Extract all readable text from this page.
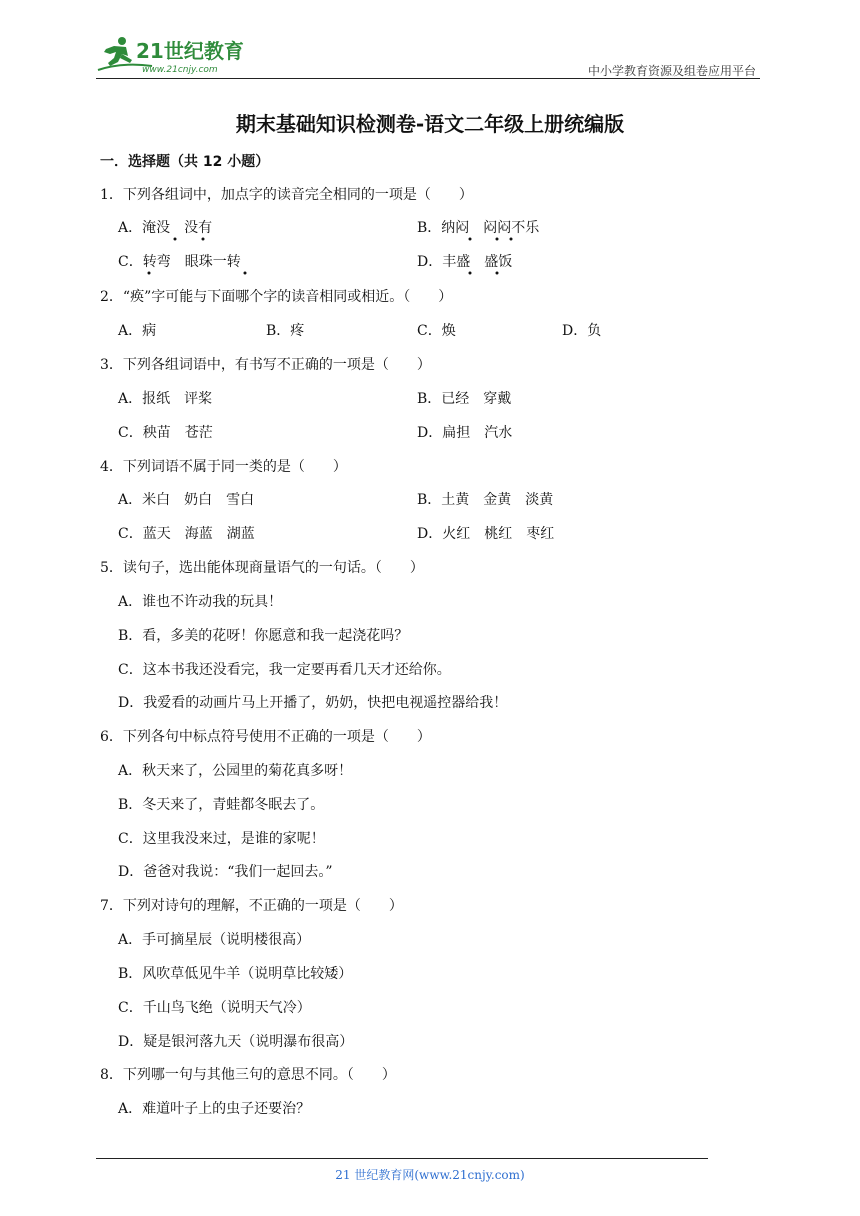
21世纪教育
www.21cnjy.com	中小学教育资源及组卷应用平台
期末基础知识检测卷-语文二年级上册统编版
一．选择题（共 12 小题）
1．下列各组词中，加点字的读音完全相同的一项是（　　）
A．淹没　没有	B．纳闷　闷闷不乐
C．转弯　眼珠一转	D．丰盛　盛饭
2．“痪”字可能与下面哪个字的读音相同或相近。（　　）
A．病	B．疼	C．焕	D．负
3．下列各组词语中，有书写不正确的一项是（　　）
A．报纸　评桨	B．已经　穿戴
C．秧苗　苍茫	D．扁担　汽水
4．下列词语不属于同一类的是（　　）
A．米白　奶白　雪白	B．土黄　金黄　淡黄
C．蓝天　海蓝　湖蓝	D．火红　桃红　枣红
5．读句子，选出能体现商量语气的一句话。（　　）
A．谁也不许动我的玩具！
B．看，多美的花呀！你愿意和我一起浇花吗？
C．这本书我还没看完，我一定要再看几天才还给你。
D．我爱看的动画片马上开播了，奶奶，快把电视遥控器给我！
6．下列各句中标点符号使用不正确的一项是（　　）
A．秋天来了，公园里的菊花真多呀！
B．冬天来了，青蛙都冬眠去了。
C．这里我没来过，是谁的家呢！
D．爸爸对我说：“我们一起回去。”
7．下列对诗句的理解，不正确的一项是（　　）
A．手可摘星辰（说明楼很高）
B．风吹草低见牛羊（说明草比较矮）
C．千山鸟飞绝（说明天气冷）
D．疑是银河落九天（说明瀑布很高）
8．下列哪一句与其他三句的意思不同。（　　）
A．难道叶子上的虫子还要治？
21 世纪教育网(www.21cnjy.com)
